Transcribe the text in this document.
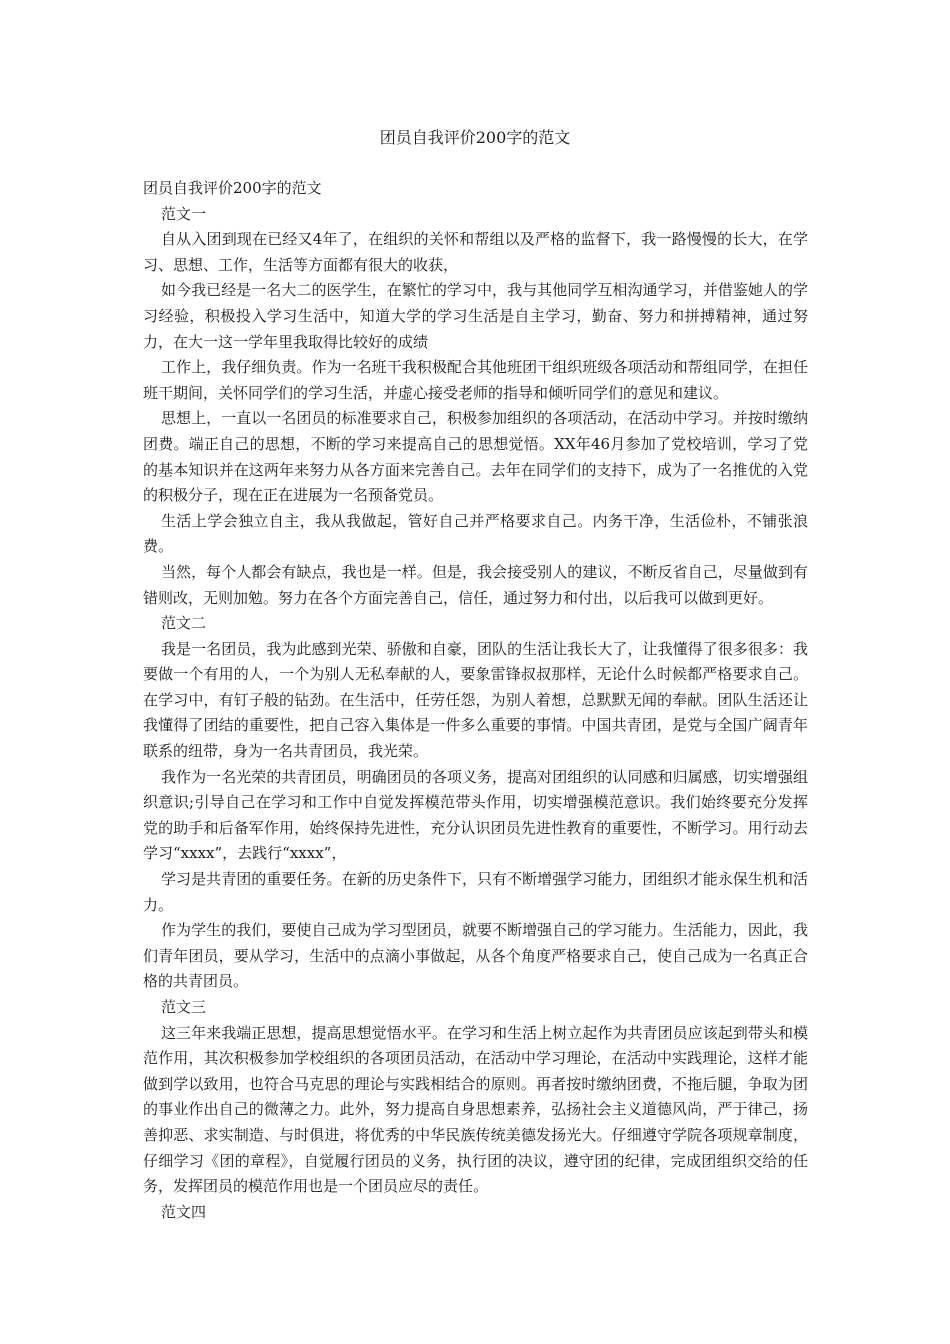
团员自我评价200字的范文

团员自我评价200字的范文

范文一

自从入团到现在已经又4年了，在组织的关怀和帮组以及严格的监督下，我一路慢慢的长大，在学习、思想、工作，生活等方面都有很大的收获，

如今我已经是一名大二的医学生，在繁忙的学习中，我与其他同学互相沟通学习，并借鉴她人的学习经验，积极投入学习生活中，知道大学的学习生活是自主学习，勤奋、努力和拼搏精神，通过努力，在大一这一学年里我取得比较好的成绩

工作上，我仔细负责。作为一名班干我积极配合其他班团干组织班级各项活动和帮组同学，在担任班干期间，关怀同学们的学习生活，并虚心接受老师的指导和倾听同学们的意见和建议。

思想上，一直以一名团员的标准要求自己，积极参加组织的各项活动，在活动中学习。并按时缴纳团费。端正自己的思想，不断的学习来提高自己的思想觉悟。XX年46月参加了党校培训，学习了党的基本知识并在这两年来努力从各方面来完善自己。去年在同学们的支持下，成为了一名推优的入党的积极分子，现在正在进展为一名预备党员。

生活上学会独立自主，我从我做起，管好自己并严格要求自己。内务干净，生活俭朴，不铺张浪费。

当然，每个人都会有缺点，我也是一样。但是，我会接受别人的建议，不断反省自己，尽量做到有错则改，无则加勉。努力在各个方面完善自己，信任，通过努力和付出，以后我可以做到更好。

范文二

我是一名团员，我为此感到光荣、骄傲和自豪，团队的生活让我长大了，让我懂得了很多很多：我要做一个有用的人，一个为别人无私奉献的人，要象雷锋叔叔那样，无论什么时候都严格要求自己。在学习中，有钉子般的钻劲。在生活中，任劳任怨，为别人着想，总默默无闻的奉献。团队生活还让我懂得了团结的重要性，把自己容入集体是一件多么重要的事情。中国共青团，是党与全国广阔青年联系的纽带，身为一名共青团员，我光荣。

我作为一名光荣的共青团员，明确团员的各项义务，提高对团组织的认同感和归属感，切实增强组织意识;引导自己在学习和工作中自觉发挥模范带头作用，切实增强模范意识。我们始终要充分发挥党的助手和后备军作用，始终保持先进性，充分认识团员先进性教育的重要性，不断学习。用行动去学习“xxxx”，去践行“xxxx”，

学习是共青团的重要任务。在新的历史条件下，只有不断增强学习能力，团组织才能永保生机和活力。

作为学生的我们，要使自己成为学习型团员，就要不断增强自己的学习能力。生活能力，因此，我们青年团员，要从学习，生活中的点滴小事做起，从各个角度严格要求自己，使自己成为一名真正合格的共青团员。

范文三

这三年来我端正思想，提高思想觉悟水平。在学习和生活上树立起作为共青团员应该起到带头和模范作用，其次积极参加学校组织的各项团员活动，在活动中学习理论，在活动中实践理论，这样才能做到学以致用，也符合马克思的理论与实践相结合的原则。再者按时缴纳团费，不拖后腿，争取为团的事业作出自己的微薄之力。此外，努力提高自身思想素养，弘扬社会主义道德风尚，严于律己，扬善抑恶、求实制造、与时俱进，将优秀的中华民族传统美德发扬光大。仔细遵守学院各项规章制度，仔细学习《团的章程》，自觉履行团员的义务，执行团的决议，遵守团的纪律，完成团组织交给的任务，发挥团员的模范作用也是一个团员应尽的责任。

范文四
